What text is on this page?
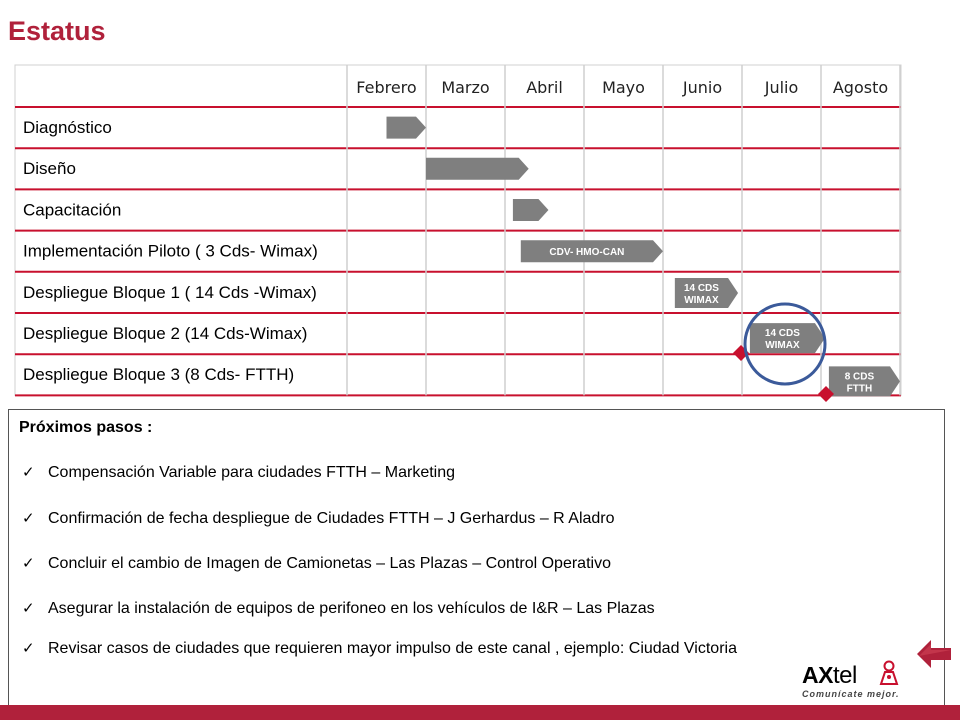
Estatus
Febrero Marzo Abril Mayo Junio	Julio Agosto
Diagnóstico
Diseño
Capacitación
Implementación Piloto ( 3 Cds- Wimax)
Despliegue Bloque 1 ( 14 Cds -Wimax)
Despliegue Bloque 2 (14 Cds-Wimax)
Despliegue Bloque 3 (8 Cds- FTTH)
CDV- HMO-CAN
14 CDS
WIMAX
14 CDS
WIMAX
8 CDS
FTTH
Próximos pasos :
✓ Compensación Variable para ciudades FTTH – Marketing
✓ Confirmación de fecha despliegue de Ciudades FTTH – J Gerhardus – R Aladro
✓ Concluir el cambio de Imagen de Camionetas – Las Plazas – Control Operativo
✓ Asegurar la instalación de equipos de perifoneo en los vehículos de I&R – Las Plazas
✓ Revisar casos de ciudades que requieren mayor impulso de este canal , ejemplo: Ciudad Victoria
AXtel
Comunícate mejor.
